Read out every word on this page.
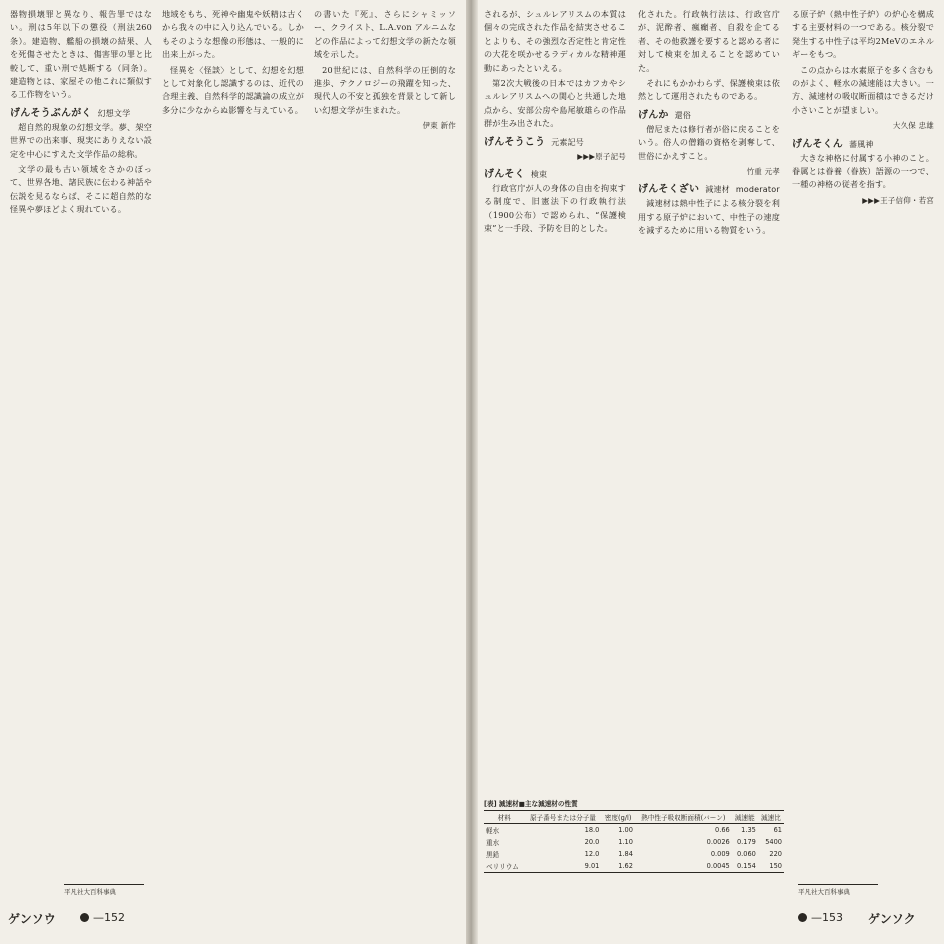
器物損壊罪と異なり、報告罪ではない。刑は5年以下の懲役（刑法260条）。建造物、艦船の損壊の結果、人を死傷させたときは、傷害罪の罪と比較して、重い刑で処断する（同条）。建造物とは、家屋その他これに類似する工作物をいう。

げんそうぶんがく 幻想文学

超自然的現象の幻想文学。夢、架空世界での出来事、現実にありえない設定を中心にすえた文学作品の総称。

文学の最も古い領域をさかのぼって、世界各地、諸民族に伝わる神話や伝説を見るならば、そこに超自然的な怪異や夢ほどよく現れている。

地域をもち、死神や幽鬼や妖精は古くから我々の中に入り込んでいる。しかもそのような想像の形態は、一般的に出来上がった。

怪異を〈怪談〉として、幻想を幻想として対象化し認識するのは、近代の合理主義、自然科学的認識論の成立が多分に少なからぬ影響を与えている。

の書いた『死』、さらにシャミッソー、クライスト、L.A.von アルニムなどの作品によって幻想文学の新たな領域を示した。

20世紀には、自然科学の圧倒的な進歩、テクノロジーの飛躍を知った、現代人の不安と孤独を背景として新しい幻想文学が生まれた。

伊東 新作
平凡社大百科事典
ゲンソウ	—152

されるが、シュルレアリスムの本質は個々の完成された作品を結実させることよりも、その強烈な否定性と肯定性の大花を咲かせるラディカルな精神運動にあったといえる。

第2次大戦後の日本ではカフカやシュルレアリスムへの関心と共通した地点から、安部公房や島尾敏雄らの作品群が生み出された。

げんそうこう 元素記号
▶▶▶原子記号
げんそく 検束

行政官庁が人の身体の自由を拘束する制度で、旧憲法下の行政執行法（1900公布）で認められ、“保護検束”と一手段、予防を目的とした。

化された。行政執行法は、行政官庁が、泥酔者、瘋癲者、自殺を企てる者、その他救護を要すると認める者に対して検束を加えることを認めていた。

それにもかかわらず、保護検束は依然として運用されたものである。

げんか 還俗

僧尼または修行者が俗に戻ることをいう。俗人の僧籍の資格を剥奪して、世俗にかえすこと。

竹重 元孝
げんそくざい 減速材 moderator

減速材は熱中性子による核分裂を利用する原子炉において、中性子の速度を減ずるために用いる物質をいう。

る原子炉（熱中性子炉）の炉心を構成する主要材料の一つである。核分裂で発生する中性子は平均2MeVのエネルギーをもつ。

この点からは水素原子を多く含むものがよく、軽水の減速能は大きい。一方、減速材の吸収断面積はできるだけ小さいことが望ましい。

大久保 忠雄
げんそくん 蕃風神

大きな神格に付属する小神のこと。眷属とは眷養（眷族）語源の一つで、一種の神格の従者を指す。

▶▶▶王子信仰・若宮
[表] 減速材■主な減速材の性質
材料	原子番号または分子量	密度(g/l)	熱中性子吸収断面積(バーン)	減速能	減速比
軽水	18.0	1.00	0.66	1.35	61
重水	20.0	1.10	0.0026	0.179	5400
黒鉛	12.0	1.84	0.009	0.060	220
ベリリウム	9.01	1.62	0.0045	0.154	150
平凡社大百科事典
—153 ゲンソク
